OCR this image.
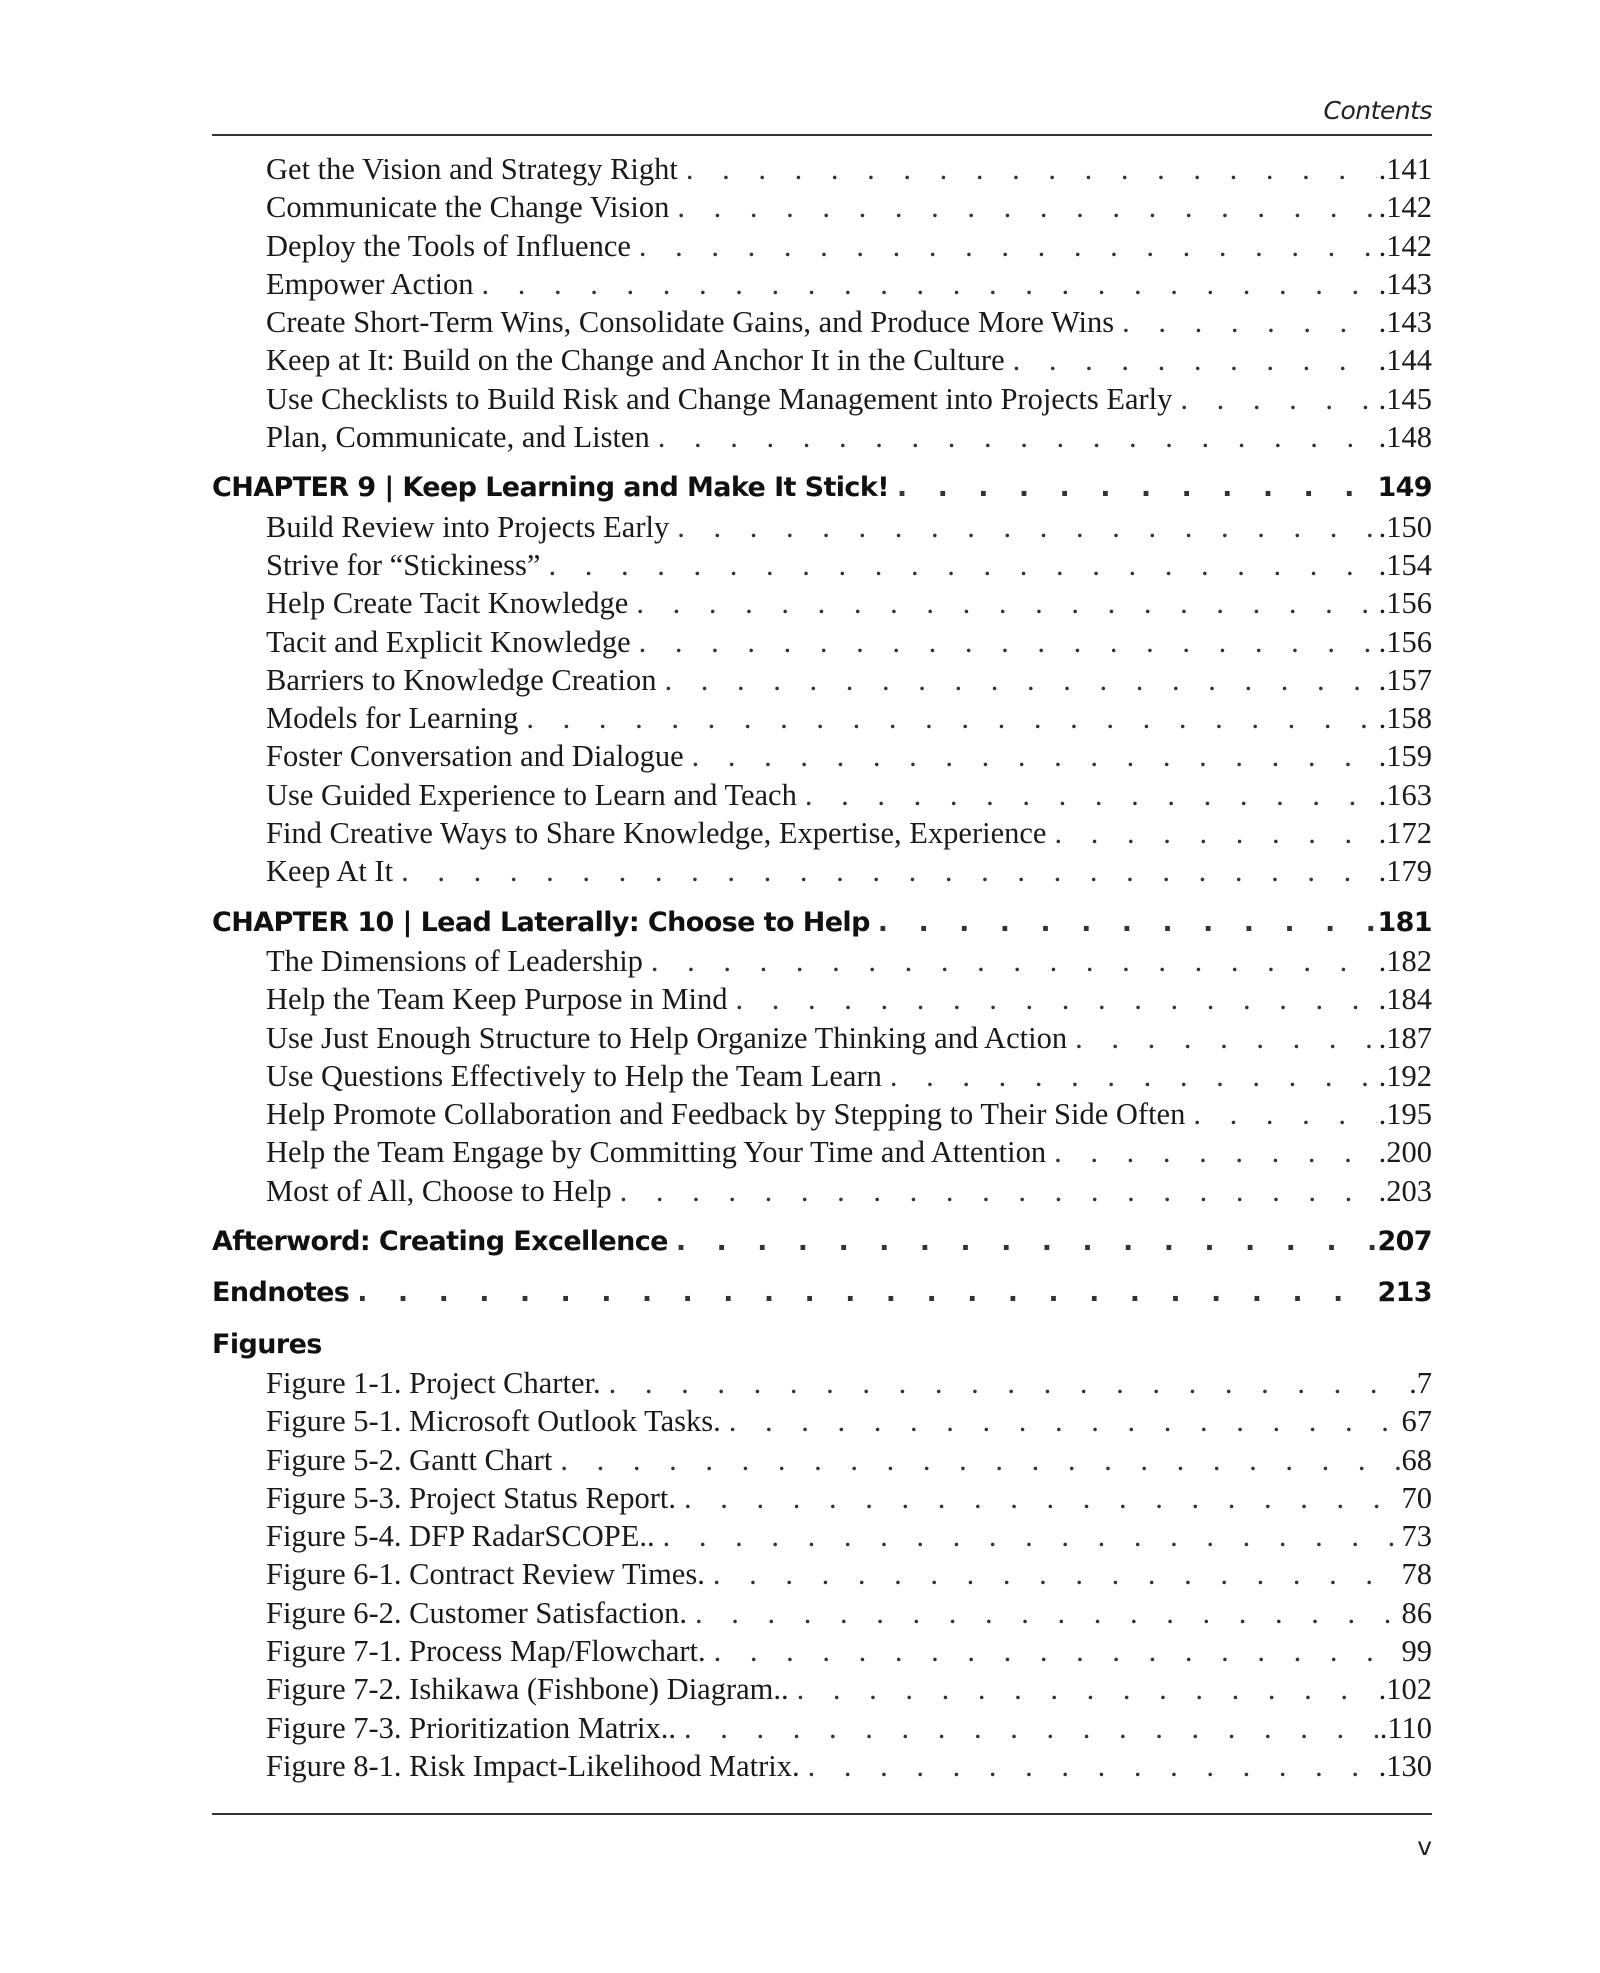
Contents
Get the Vision and Strategy Right . . .	.141
Communicate the Change Vision . . .	.142
Deploy the Tools of Influence . . .	.142
Empower Action . . .	.143
Create Short-Term Wins, Consolidate Gains, and Produce More Wins . . .	.143
Keep at It: Build on the Change and Anchor It in the Culture . . .	.144
Use Checklists to Build Risk and Change Management into Projects Early . . .	.145
Plan, Communicate, and Listen . . .	.148
CHAPTER 9 | Keep Learning and Make It Stick! . . .	149
Build Review into Projects Early . . .	.150
Strive for “Stickiness” . . .	.154
Help Create Tacit Knowledge . . .	.156
Tacit and Explicit Knowledge . . .	.156
Barriers to Knowledge Creation . . .	.157
Models for Learning . . .	.158
Foster Conversation and Dialogue . . .	.159
Use Guided Experience to Learn and Teach . . .	.163
Find Creative Ways to Share Knowledge, Expertise, Experience . . .	.172
Keep At It . . .	.179
CHAPTER 10 | Lead Laterally: Choose to Help . . .	181
The Dimensions of Leadership . . .	.182
Help the Team Keep Purpose in Mind . . .	.184
Use Just Enough Structure to Help Organize Thinking and Action . . .	.187
Use Questions Effectively to Help the Team Learn . . .	.192
Help Promote Collaboration and Feedback by Stepping to Their Side Often . . .	.195
Help the Team Engage by Committing Your Time and Attention . . .	.200
Most of All, Choose to Help . . .	.203
Afterword: Creating Excellence . . .	207
Endnotes . . .	213
Figures
Figure 1-1. Project Charter. . . .	.7
Figure 5-1. Microsoft Outlook Tasks. . . .	67
Figure 5-2. Gantt Chart . . .	68
Figure 5-3. Project Status Report. . . .	70
Figure 5-4. DFP RadarSCOPE.. . . .	73
Figure 6-1. Contract Review Times. . . .	78
Figure 6-2. Customer Satisfaction. . . .	86
Figure 7-1. Process Map/Flowchart. . . .	99
Figure 7-2. Ishikawa (Fishbone) Diagram.. . . .	.102
Figure 7-3. Prioritization Matrix.. . . .	.110
Figure 8-1. Risk Impact-Likelihood Matrix. . . .	.130
v
